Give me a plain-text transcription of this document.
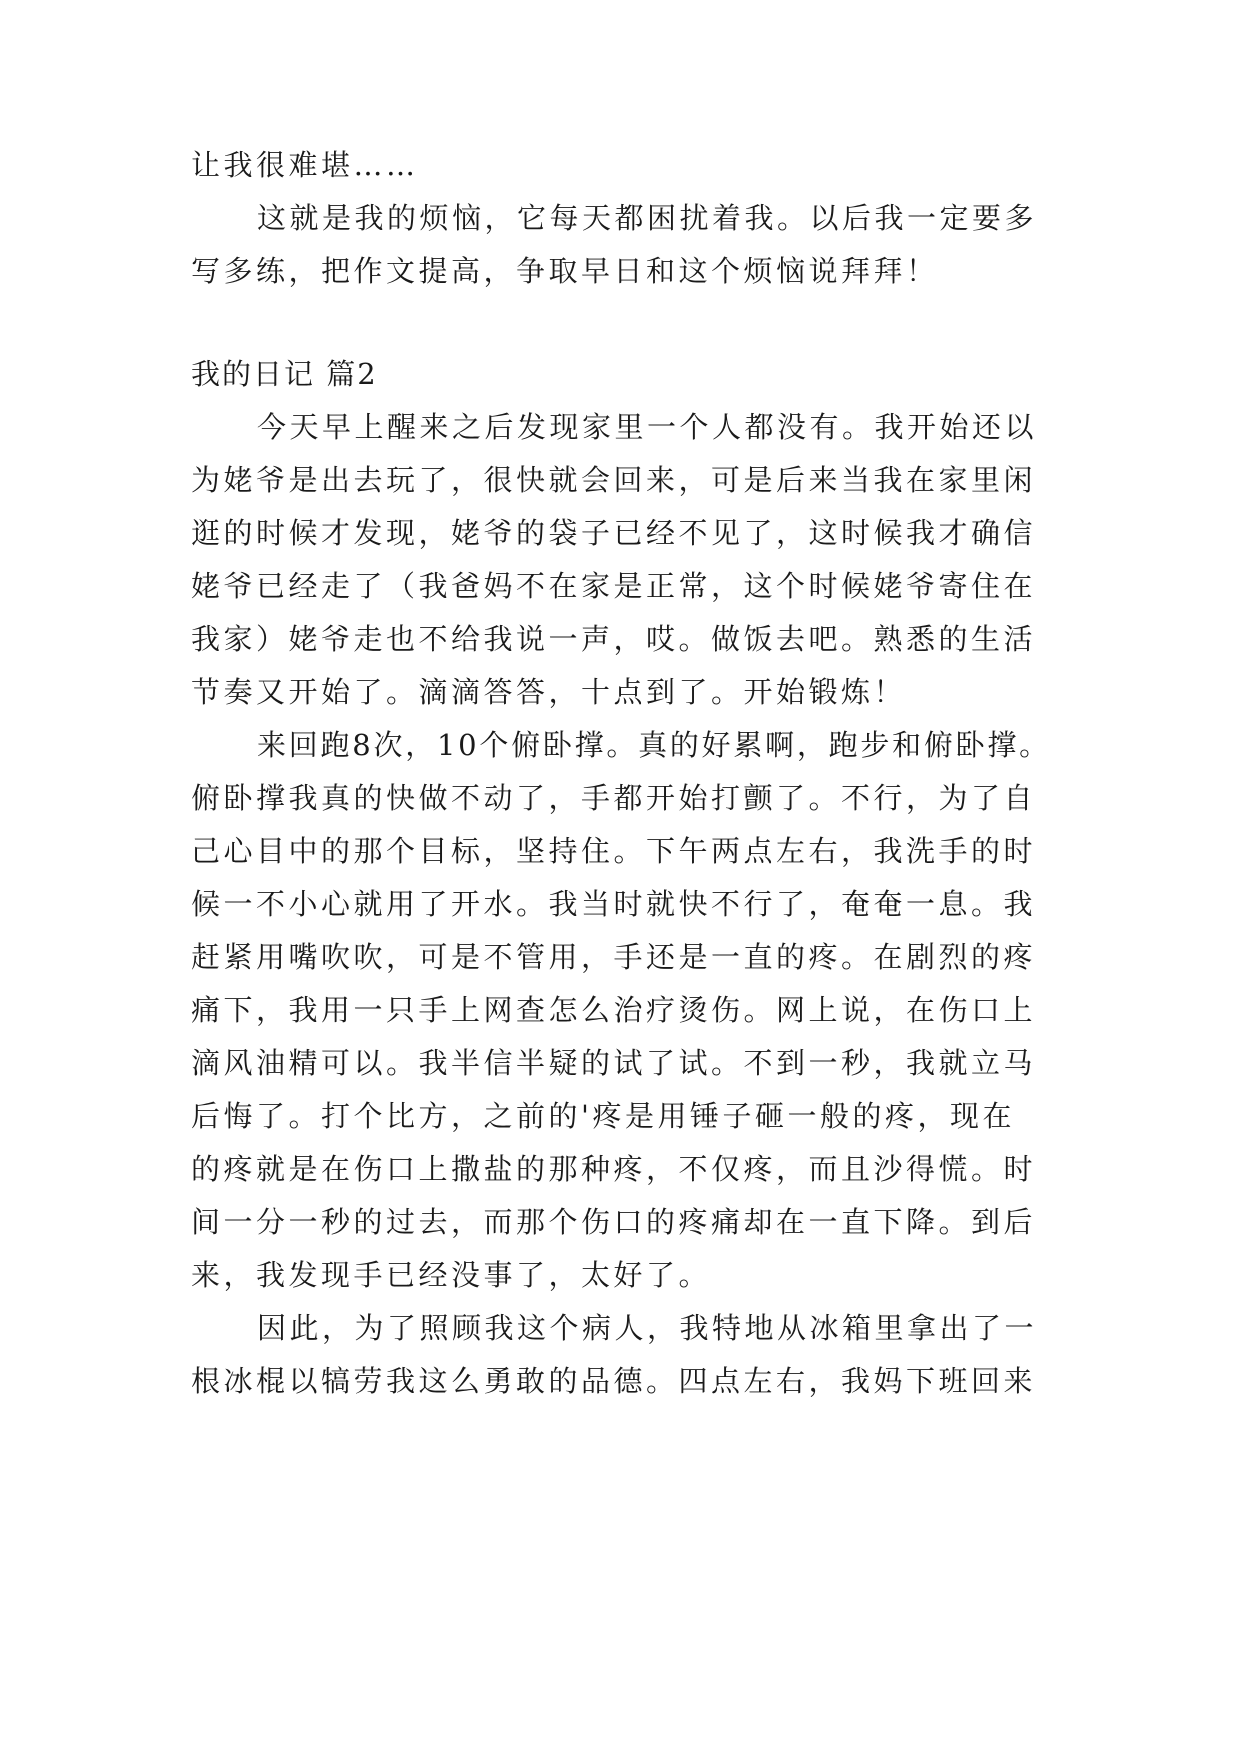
让我很难堪……
这就是我的烦恼，它每天都困扰着我。以后我一定要多
写多练，把作文提高，争取早日和这个烦恼说拜拜！
我的日记 篇2
今天早上醒来之后发现家里一个人都没有。我开始还以
为姥爷是出去玩了，很快就会回来，可是后来当我在家里闲
逛的时候才发现，姥爷的袋子已经不见了，这时候我才确信
姥爷已经走了（我爸妈不在家是正常，这个时候姥爷寄住在
我家）姥爷走也不给我说一声，哎。做饭去吧。熟悉的生活
节奏又开始了。滴滴答答，十点到了。开始锻炼！
来回跑8次，10个俯卧撑。真的好累啊，跑步和俯卧撑。
俯卧撑我真的快做不动了，手都开始打颤了。不行，为了自
己心目中的那个目标，坚持住。下午两点左右，我洗手的时
候一不小心就用了开水。我当时就快不行了，奄奄一息。我
赶紧用嘴吹吹，可是不管用，手还是一直的疼。在剧烈的疼
痛下，我用一只手上网查怎么治疗烫伤。网上说，在伤口上
滴风油精可以。我半信半疑的试了试。不到一秒，我就立马
后悔了。打个比方，之前的'疼是用锤子砸一般的疼，现在
的疼就是在伤口上撒盐的那种疼，不仅疼，而且沙得慌。时
间一分一秒的过去，而那个伤口的疼痛却在一直下降。到后
来，我发现手已经没事了，太好了。
因此，为了照顾我这个病人，我特地从冰箱里拿出了一
根冰棍以犒劳我这么勇敢的品德。四点左右，我妈下班回来
